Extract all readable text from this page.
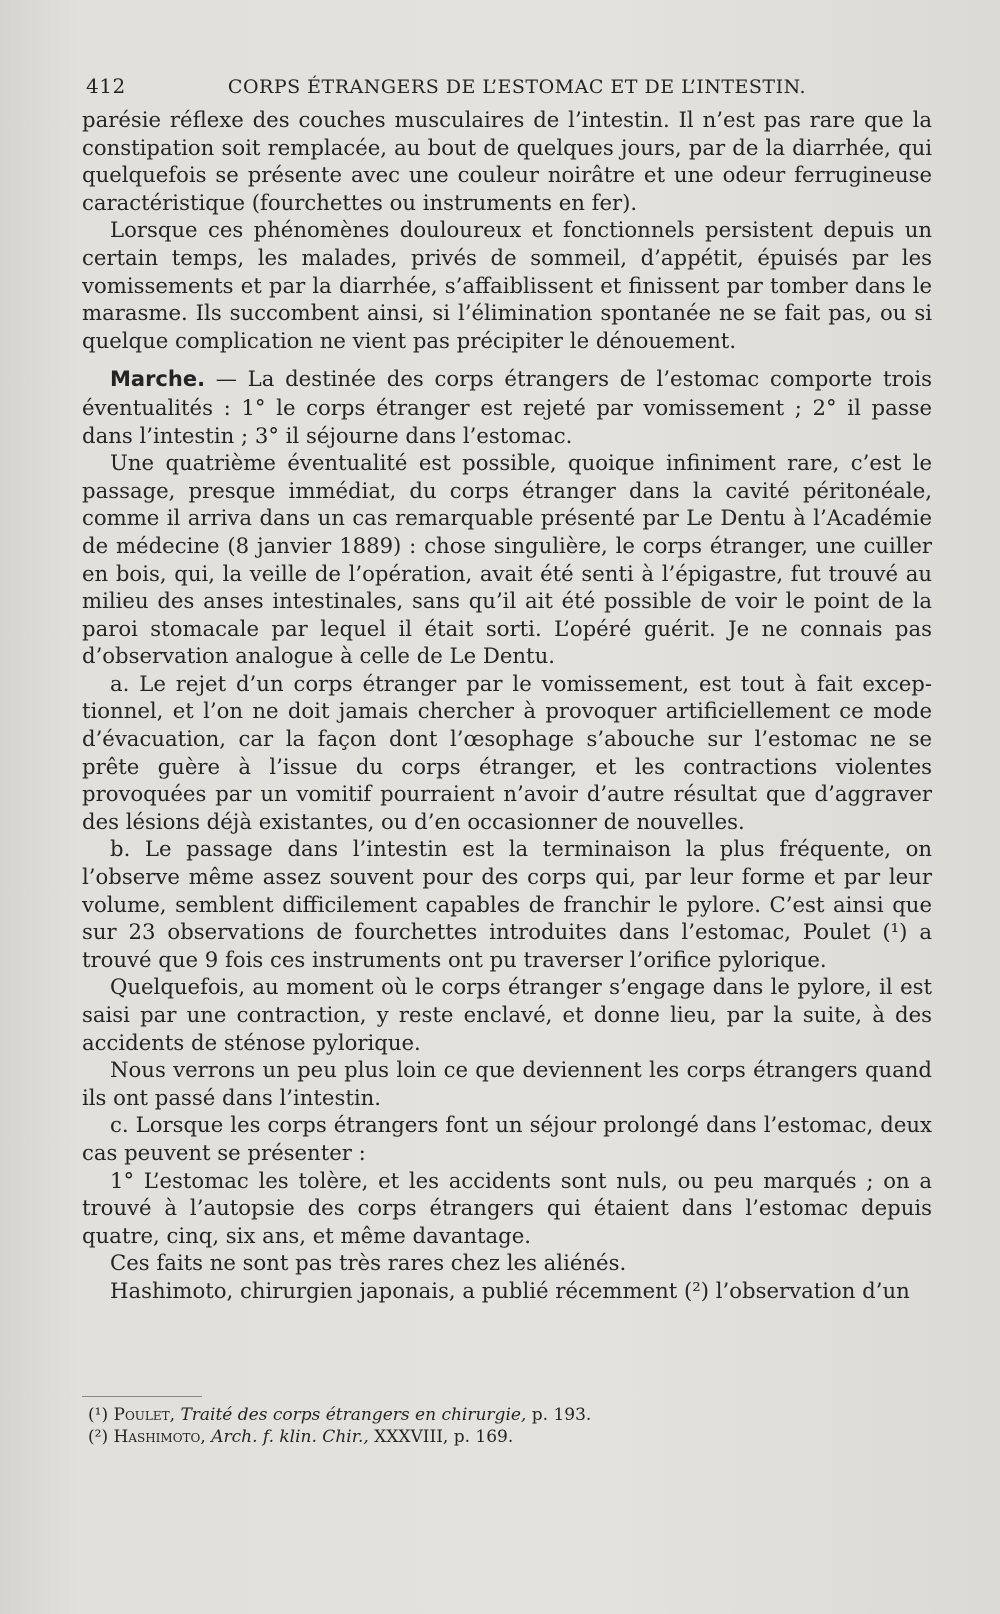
412	CORPS ÉTRANGERS DE L’ESTOMAC ET DE L’INTESTIN.

parésie réflexe des couches musculaires de l’intestin. Il n’est pas rare que la constipation soit remplacée, au bout de quelques jours, par de la diarrhée, qui quelquefois se présente avec une couleur noirâtre et une odeur ferrugineuse caractéristique (fourchettes ou instruments en fer).

Lorsque ces phénomènes douloureux et fonctionnels persistent depuis un certain temps, les malades, privés de sommeil, d’appétit, épuisés par les vomissements et par la diarrhée, s’affaiblissent et finissent par tomber dans le marasme. Ils succombent ainsi, si l’élimination spontanée ne se fait pas, ou si quelque complication ne vient pas précipiter le dénouement.

Marche. — La destinée des corps étrangers de l’estomac comporte trois éventualités : 1° le corps étranger est rejeté par vomissement ; 2° il passe dans l’intestin ; 3° il séjourne dans l’estomac.

Une quatrième éventualité est possible, quoique infiniment rare, c’est le passage, presque immédiat, du corps étranger dans la cavité péritonéale, comme il arriva dans un cas remarquable présenté par Le Dentu à l’Académie de médecine (8 janvier 1889) : chose singulière, le corps étranger, une cuiller en bois, qui, la veille de l’opération, avait été senti à l’épigastre, fut trouvé au milieu des anses intestinales, sans qu’il ait été possible de voir le point de la paroi stomacale par lequel il était sorti. L’opéré guérit. Je ne connais pas d’observation analogue à celle de Le Dentu.

a. Le rejet d’un corps étranger par le vomissement, est tout à fait exceptionnel, et l’on ne doit jamais chercher à provoquer artificiellement ce mode d’évacuation, car la façon dont l’œsophage s’abouche sur l’estomac ne se prête guère à l’issue du corps étranger, et les contractions violentes provoquées par un vomitif pourraient n’avoir d’autre résultat que d’aggraver des lésions déjà existantes, ou d’en occasionner de nouvelles.

b. Le passage dans l’intestin est la terminaison la plus fréquente, on l’observe même assez souvent pour des corps qui, par leur forme et par leur volume, semblent difficilement capables de franchir le pylore. C’est ainsi que sur 23 observations de fourchettes introduites dans l’estomac, Poulet (¹) a trouvé que 9 fois ces instruments ont pu traverser l’orifice pylorique.

Quelquefois, au moment où le corps étranger s’engage dans le pylore, il est saisi par une contraction, y reste enclavé, et donne lieu, par la suite, à des accidents de sténose pylorique.

Nous verrons un peu plus loin ce que deviennent les corps étrangers quand ils ont passé dans l’intestin.

c. Lorsque les corps étrangers font un séjour prolongé dans l’estomac, deux cas peuvent se présenter :

1° L’estomac les tolère, et les accidents sont nuls, ou peu marqués ; on a trouvé à l’autopsie des corps étrangers qui étaient dans l’estomac depuis quatre, cinq, six ans, et même davantage.

Ces faits ne sont pas très rares chez les aliénés.

Hashimoto, chirurgien japonais, a publié récemment (²) l’observation d’un

(¹) Poulet, Traité des corps étrangers en chirurgie, p. 193.

(²) Hashimoto, Arch. f. klin. Chir., XXXVIII, p. 169.
